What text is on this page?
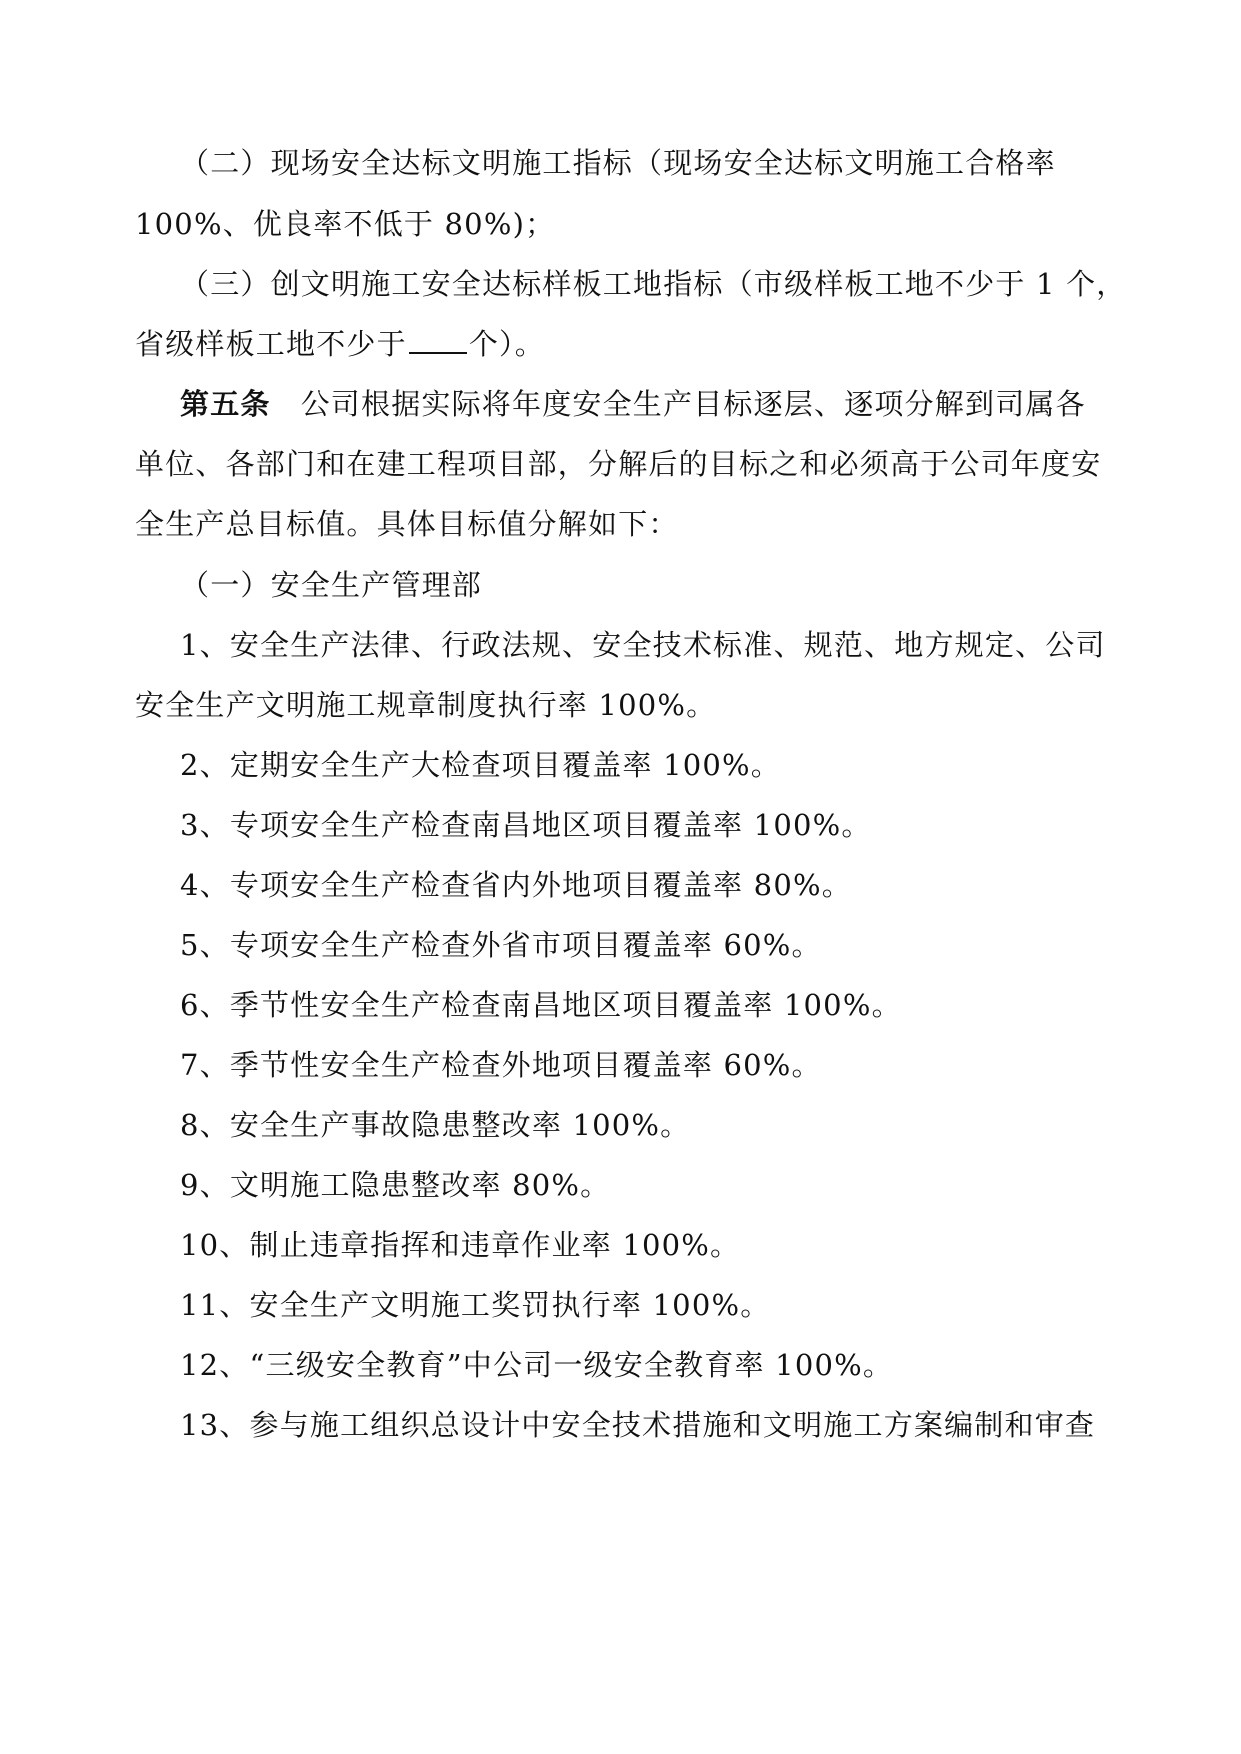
（二）现场安全达标文明施工指标（现场安全达标文明施工合格率
100%、优良率不低于 80%)；
（三）创文明施工安全达标样板工地指标（市级样板工地不少于 1 个，
省级样板工地不少于 个）。
第五条 公司根据实际将年度安全生产目标逐层、逐项分解到司属各
单位、各部门和在建工程项目部，分解后的目标之和必须高于公司年度安
全生产总目标值。具体目标值分解如下：
（一）安全生产管理部
1、安全生产法律、行政法规、安全技术标准、规范、地方规定、公司
安全生产文明施工规章制度执行率 100%。
2、定期安全生产大检查项目覆盖率 100%。
3、专项安全生产检查南昌地区项目覆盖率 100%。
4、专项安全生产检查省内外地项目覆盖率 80%。
5、专项安全生产检查外省市项目覆盖率 60%。
6、季节性安全生产检查南昌地区项目覆盖率 100%。
7、季节性安全生产检查外地项目覆盖率 60%。
8、安全生产事故隐患整改率 100%。
9、文明施工隐患整改率 80%。
10、制止违章指挥和违章作业率 100%。
11、安全生产文明施工奖罚执行率 100%。
12、“三级安全教育”中公司一级安全教育率 100%。
13、参与施工组织总设计中安全技术措施和文明施工方案编制和审查
